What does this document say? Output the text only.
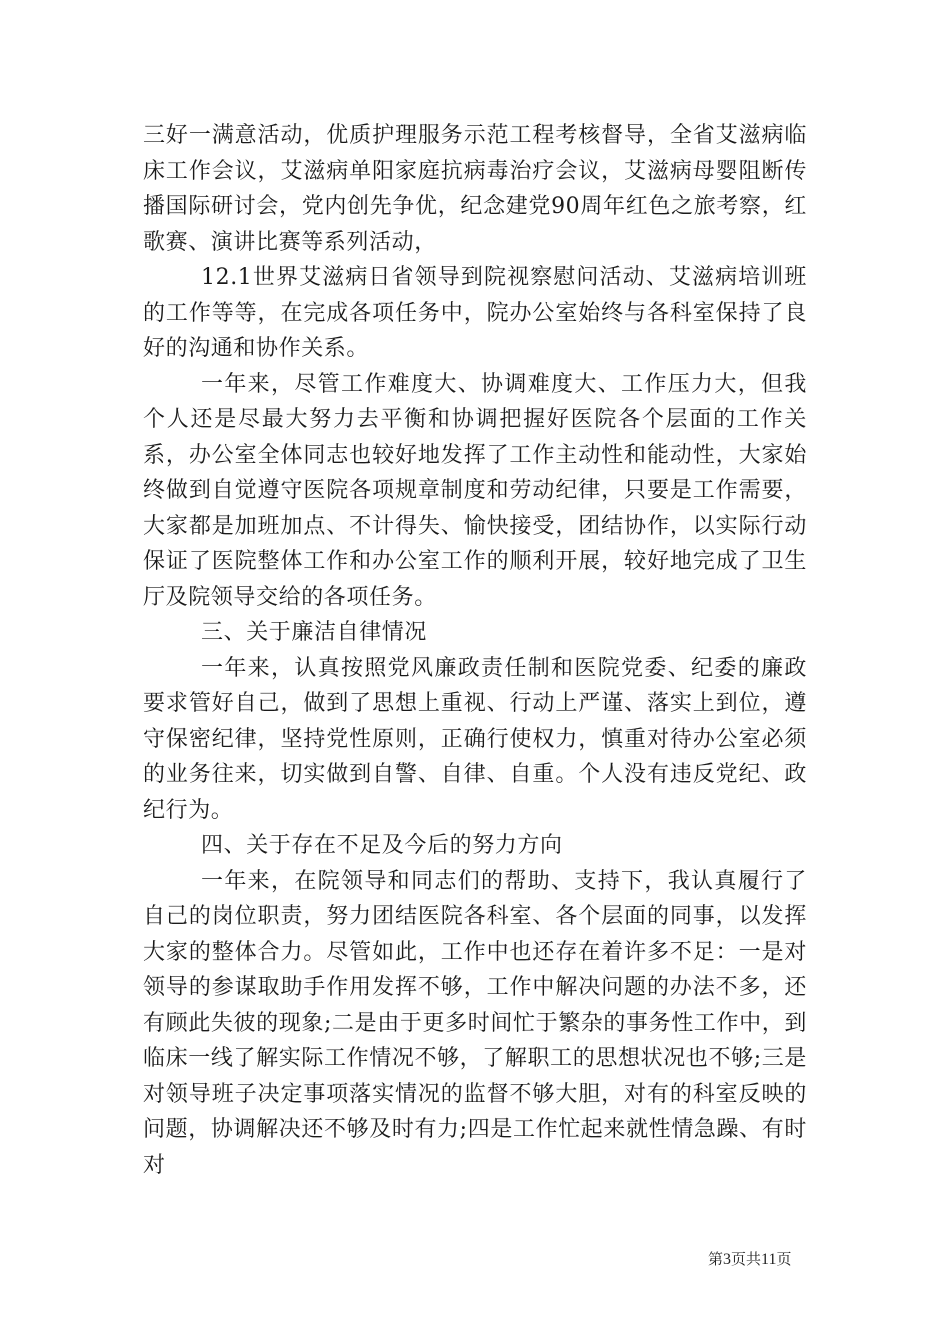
三好一满意活动，优质护理服务示范工程考核督导，全省艾滋病临床工作会议，艾滋病单阳家庭抗病毒治疗会议，艾滋病母婴阻断传播国际研讨会，党内创先争优，纪念建党90周年红色之旅考察，红歌赛、演讲比赛等系列活动，

12.1世界艾滋病日省领导到院视察慰问活动、艾滋病培训班的工作等等，在完成各项任务中，院办公室始终与各科室保持了良好的沟通和协作关系。

一年来，尽管工作难度大、协调难度大、工作压力大，但我个人还是尽最大努力去平衡和协调把握好医院各个层面的工作关系，办公室全体同志也较好地发挥了工作主动性和能动性，大家始终做到自觉遵守医院各项规章制度和劳动纪律，只要是工作需要，大家都是加班加点、不计得失、愉快接受，团结协作，以实际行动保证了医院整体工作和办公室工作的顺利开展，较好地完成了卫生厅及院领导交给的各项任务。

三、关于廉洁自律情况

一年来，认真按照党风廉政责任制和医院党委、纪委的廉政要求管好自己，做到了思想上重视、行动上严谨、落实上到位，遵守保密纪律，坚持党性原则，正确行使权力，慎重对待办公室必须的业务往来，切实做到自警、自律、自重。个人没有违反党纪、政纪行为。

四、关于存在不足及今后的努力方向

一年来，在院领导和同志们的帮助、支持下，我认真履行了自己的岗位职责，努力团结医院各科室、各个层面的同事，以发挥大家的整体合力。尽管如此，工作中也还存在着许多不足：一是对领导的参谋取助手作用发挥不够，工作中解决问题的办法不多，还有顾此失彼的现象;二是由于更多时间忙于繁杂的事务性工作中，到临床一线了解实际工作情况不够，了解职工的思想状况也不够;三是对领导班子决定事项落实情况的监督不够大胆，对有的科室反映的问题，协调解决还不够及时有力;四是工作忙起来就性情急躁、有时对

第3页共11页
